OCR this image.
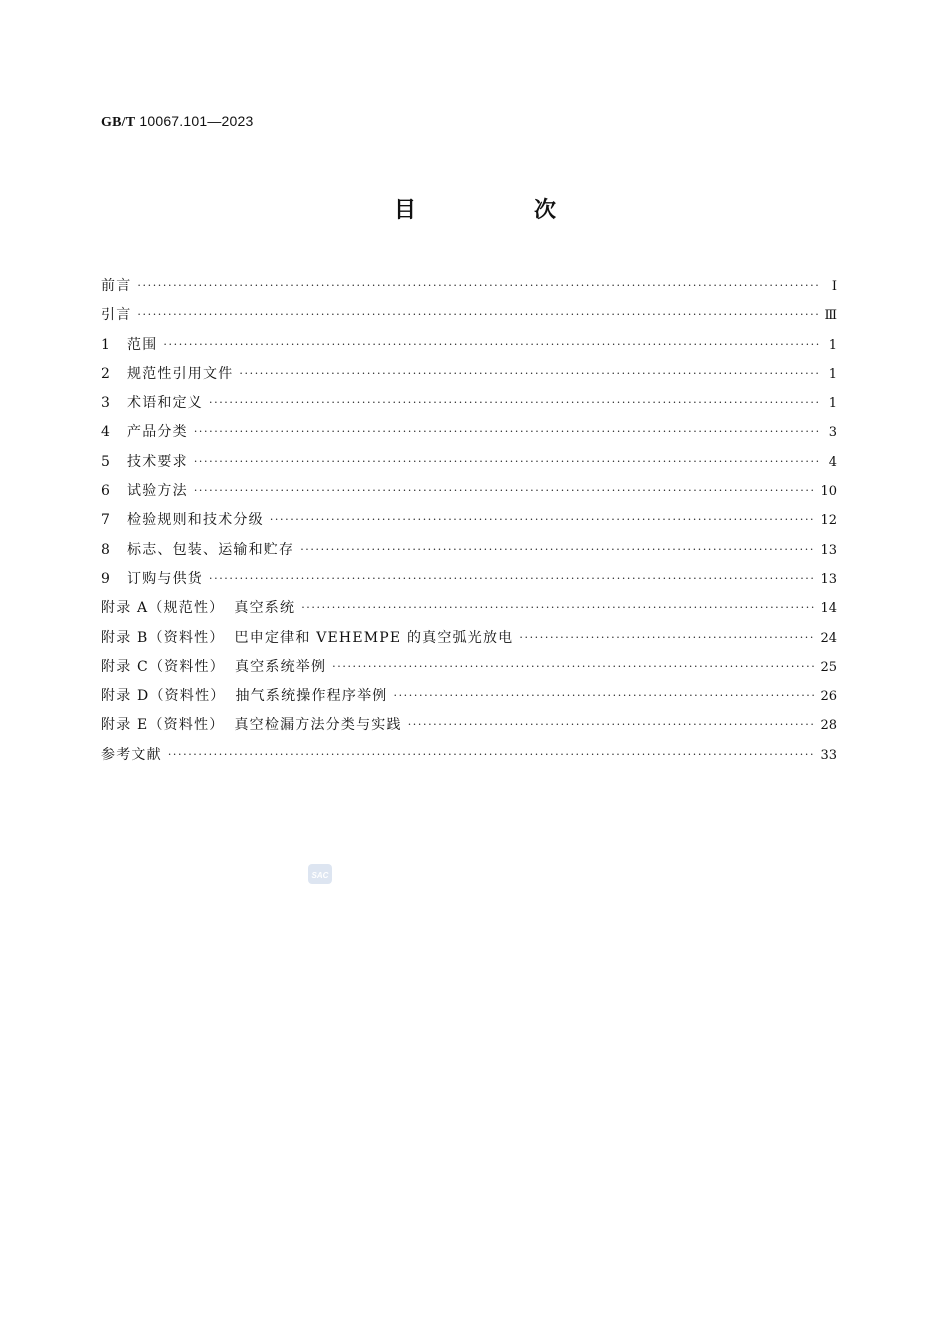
GB/T 10067.101—2023
目　次
前言 ·····	Ⅰ
引言 ·····	Ⅲ
1 范围 ·····	1
2 规范性引用文件 ·····	1
3 术语和定义 ·····	1
4 产品分类 ·····	3
5 技术要求 ·····	4
6 试验方法 ·····	10
7 检验规则和技术分级 ·····	12
8 标志、包装、运输和贮存 ·····	13
9 订购与供货 ·····	13
附录 A（规范性） 真空系统 ·····	14
附录 B（资料性） 巴申定律和 VEHEMPE 的真空弧光放电 ·····	24
附录 C（资料性） 真空系统举例 ·····	25
附录 D（资料性） 抽气系统操作程序举例 ·····	26
附录 E（资料性） 真空检漏方法分类与实践 ·····	28
参考文献 ·····	33
SAC
